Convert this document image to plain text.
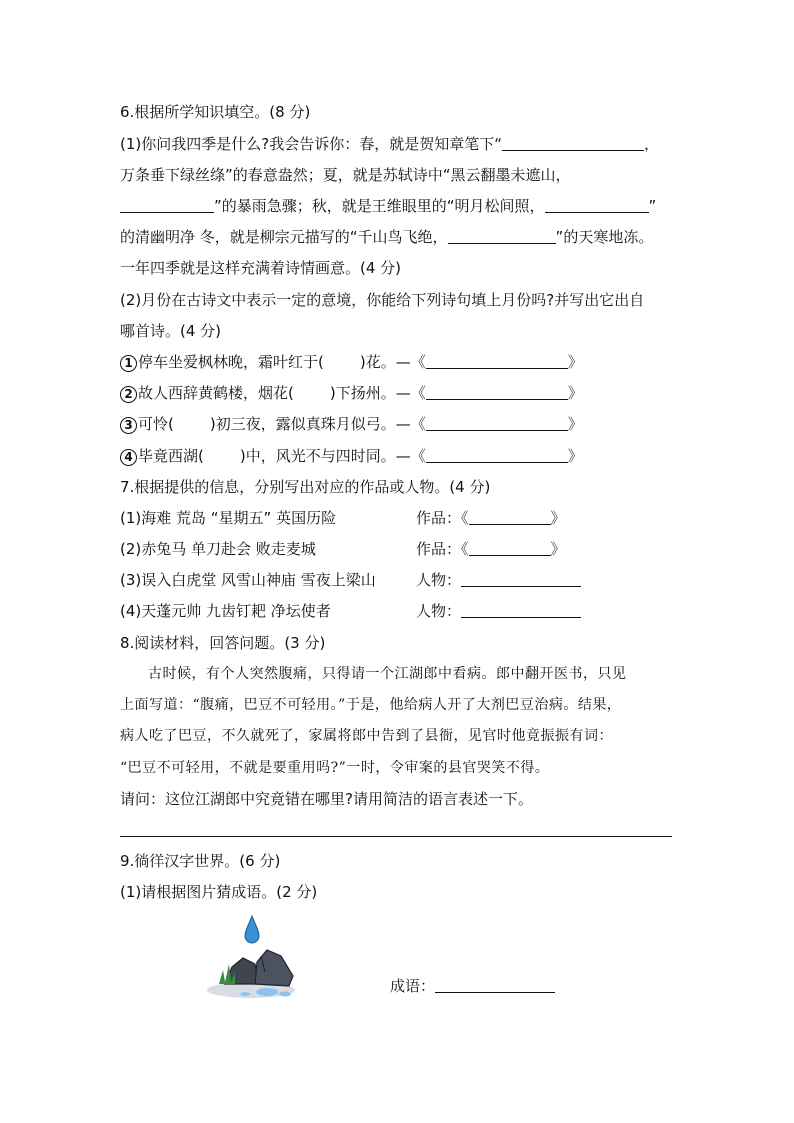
6.根据所学知识填空。(8 分)
(1)你问我四季是什么?我会告诉你：春，就是贺知章笔下“	，
万条垂下绿丝绦”的春意盎然；夏，就是苏轼诗中“黑云翻墨未遮山，
”的暴雨急骤；秋，就是王维眼里的“明月松间照，	”
的清幽明净 冬，就是柳宗元描写的“千山鸟飞绝，	”的天寒地冻。
一年四季就是这样充满着诗情画意。(4 分)
(2)月份在古诗文中表示一定的意境，你能给下列诗句填上月份吗?并写出它出自
哪首诗。(4 分)
1 停车坐爱枫林晚，霜叶红于( )花。—《	》
2 故人西辞黄鹤楼，烟花( )下扬州。—《	》
3 可怜( )初三夜，露似真珠月似弓。—《	》
4 毕竟西湖( )中，风光不与四时同。—《	》
7.根据提供的信息，分别写出对应的作品或人物。(4 分)
(1)海难 荒岛 “星期五” 英国历险	作品：《	》
(2)赤兔马 单刀赴会 败走麦城	作品：《	》
(3)误入白虎堂 风雪山神庙 雪夜上梁山	人物：
(4)天蓬元帅 九齿钉耙 净坛使者	人物：
8.阅读材料，回答问题。(3 分)
古时候，有个人突然腹痛，只得请一个江湖郎中看病。郎中翻开医书，只见
上面写道：“腹痛，巴豆不可轻用。”于是，他给病人开了大剂巴豆治病。结果，
病人吃了巴豆，不久就死了，家属将郎中告到了县衙，见官时他竟振振有词：
“巴豆不可轻用，不就是要重用吗?”一时，令审案的县官哭笑不得。
请问：这位江湖郎中究竟错在哪里?请用简洁的语言表述一下。
9.徜徉汉字世界。(6 分)
(1)请根据图片猜成语。(2 分)
成语：
